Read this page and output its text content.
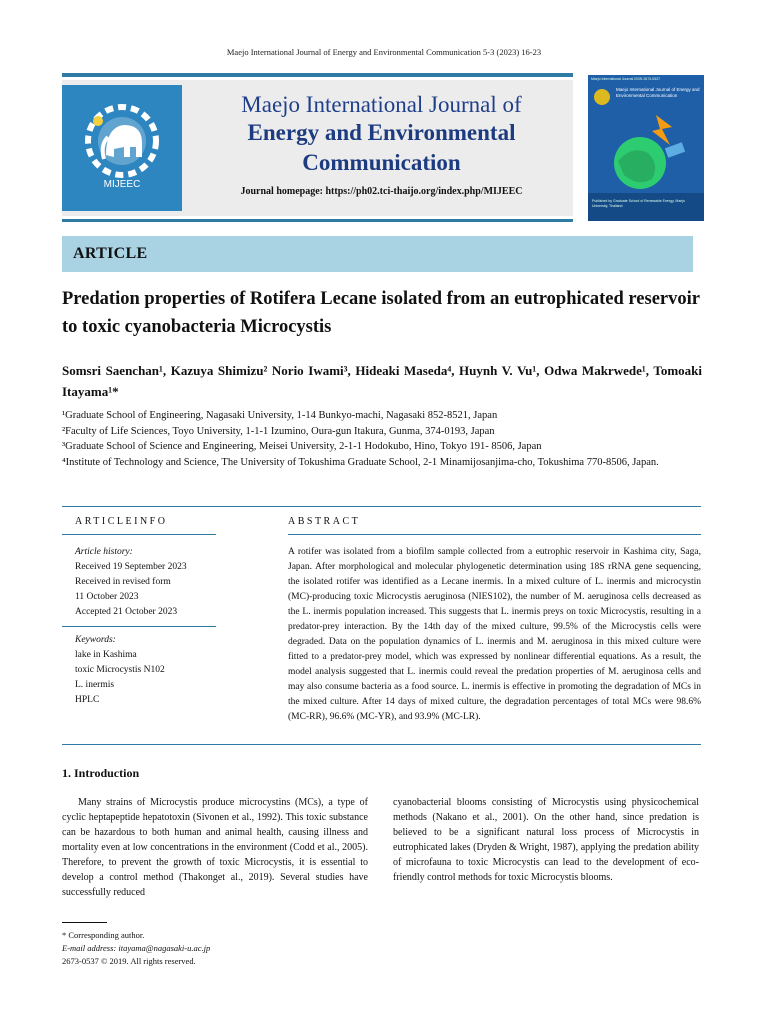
Maejo International Journal of Energy and Environmental Communication 5-3 (2023) 16-23
MIJEEC
Maejo International Journal of
Energy and Environmental
Communication
Journal homepage: https://ph02.tci-thaijo.org/index.php/MIJEEC
Maejo International Journal ISSN 2673-0537
Maejo International Journal of Energy and Environmental Communication
Published by Graduate School of Renewable Energy, Maejo University, Thailand
ARTICLE
Predation properties of Rotifera Lecane isolated from an eutrophicated reservoir to toxic cyanobacteria Microcystis
Somsri Saenchan¹, Kazuya Shimizu² Norio Iwami³, Hideaki Maseda⁴, Huynh V. Vu¹, Odwa Makrwede¹, Tomoaki Itayama¹*
¹Graduate School of Engineering, Nagasaki University, 1-14 Bunkyo-machi, Nagasaki 852-8521, Japan
²Faculty of Life Sciences, Toyo University, 1-1-1 Izumino, Oura-gun Itakura, Gunma, 374-0193, Japan
³Graduate School of Science and Engineering, Meisei University, 2-1-1 Hodokubo, Hino, Tokyo 191- 8506, Japan
⁴Institute of Technology and Science, The University of Tokushima Graduate School, 2-1 Minamijosanjima-cho, Tokushima 770-8506, Japan.
ARTICLEINFO	ABSTRACT
Article history:
Received 19 September 2023
Received in revised form
11 October 2023
Accepted 21 October 2023
Keywords:
lake in Kashima
toxic Microcystis N102
L. inermis
HPLC
A rotifer was isolated from a biofilm sample collected from a eutrophic reservoir in Kashima city, Saga, Japan. After morphological and molecular phylogenetic determination using 18S rRNA gene sequencing, the isolated rotifer was identified as a Lecane inermis. In a mixed culture of L. inermis and microcystin (MC)-producing toxic Microcystis aeruginosa (NIES102), the number of M. aeruginosa cells decreased as the L. inermis population increased. This suggests that L. inermis preys on toxic Microcystis, resulting in a predator-prey interaction. By the 14th day of the mixed culture, 99.5% of the Microcystis cells were degraded. Data on the population dynamics of L. inermis and M. aeruginosa in this mixed culture were fitted to a predator-prey model, which was expressed by nonlinear differential equations. As a result, the model analysis suggested that L. inermis could reveal the predation properties of M. aeruginosa cells and may also consume bacteria as a food source. L. inermis is effective in promoting the degradation of MCs in the mixed culture. After 14 days of mixed culture, the degradation percentages of total MCs were 98.6% (MC-RR), 96.6% (MC-YR), and 93.9% (MC-LR).
1. Introduction
Many strains of Microcystis produce microcystins (MCs), a type of cyclic heptapeptide hepatotoxin (Sivonen et al., 1992). This toxic substance can be hazardous to both human and animal health, causing illness and mortality even at low concentrations in the environment (Codd et al., 2005). Therefore, to prevent the growth of toxic Microcystis, it is essential to develop a control method (Thakonget al., 2019). Several studies have successfully reduced
cyanobacterial blooms consisting of Microcystis using physicochemical methods (Nakano et al., 2001). On the other hand, since predation is believed to be a significant natural loss process of Microcystis in eutrophicated lakes (Dryden & Wright, 1987), applying the predation ability of microfauna to toxic Microcystis can lead to the development of eco-friendly control methods for toxic Microcystis blooms.
* Corresponding author.
E-mail address: itayama@nagasaki-u.ac.jp
2673-0537 © 2019. All rights reserved.
